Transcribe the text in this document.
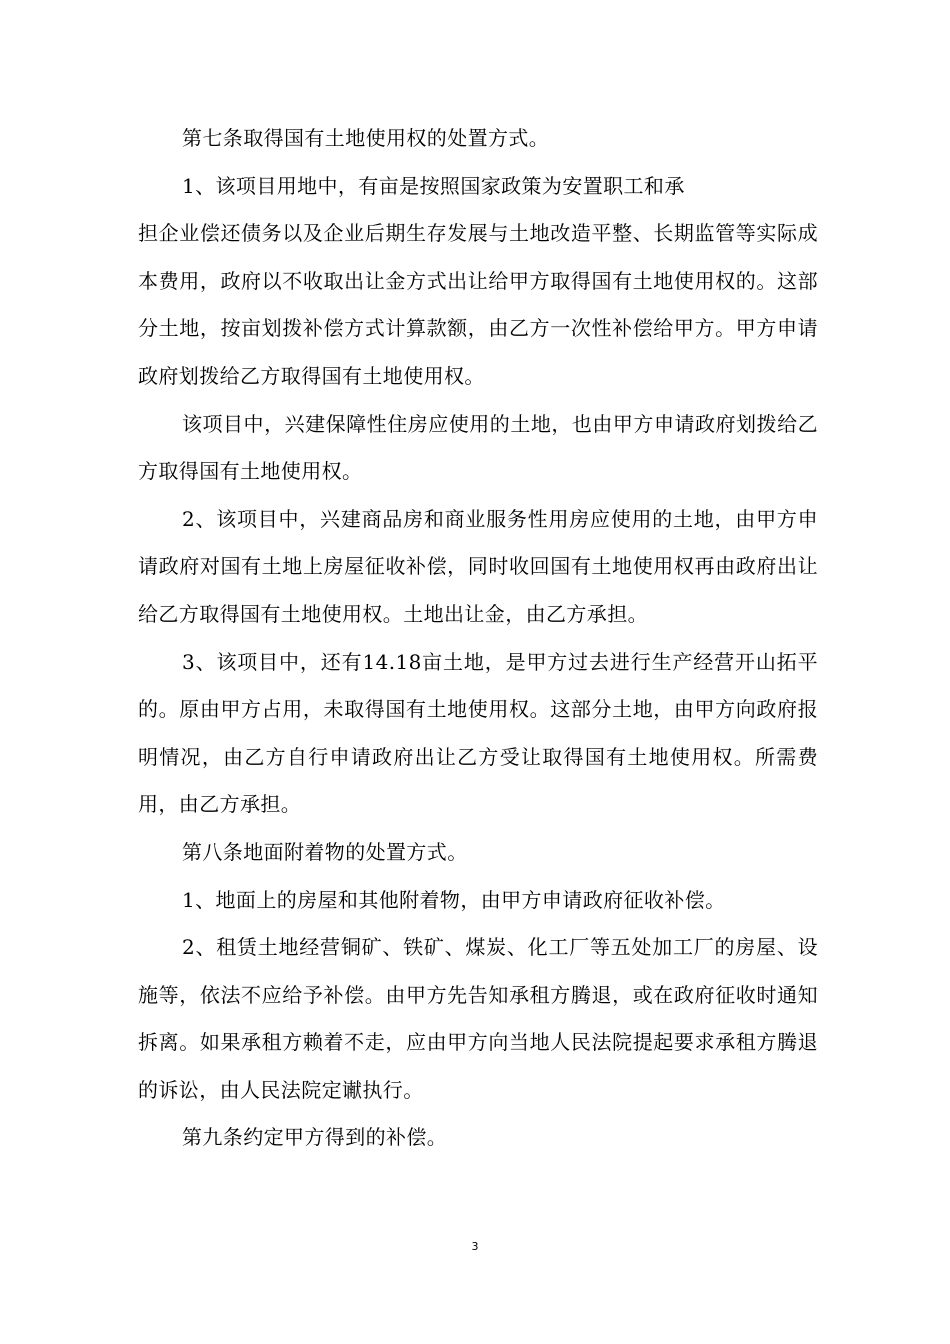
第七条取得国有土地使用权的处置方式。

1、该项目用地中，有亩是按照国家政策为安置职工和承

担企业偿还债务以及企业后期生存发展与土地改造平整、长期监管等实际成本费用，政府以不收取出让金方式出让给甲方取得国有土地使用权的。这部分土地，按亩划拨补偿方式计算款额，由乙方一次性补偿给甲方。甲方申请政府划拨给乙方取得国有土地使用权。

该项目中，兴建保障性住房应使用的土地，也由甲方申请政府划拨给乙方取得国有土地使用权。

2、该项目中，兴建商品房和商业服务性用房应使用的土地，由甲方申请政府对国有土地上房屋征收补偿，同时收回国有土地使用权再由政府出让给乙方取得国有土地使用权。土地出让金，由乙方承担。

3、该项目中，还有14.18亩土地，是甲方过去进行生产经营开山拓平的。原由甲方占用，未取得国有土地使用权。这部分土地，由甲方向政府报明情况，由乙方自行申请政府出让乙方受让取得国有土地使用权。所需费用，由乙方承担。

第八条地面附着物的处置方式。

1、地面上的房屋和其他附着物，由甲方申请政府征收补偿。

2、租赁土地经营铜矿、铁矿、煤炭、化工厂等五处加工厂的房屋、设施等，依法不应给予补偿。由甲方先告知承租方腾退，或在政府征收时通知拆离。如果承租方赖着不走，应由甲方向当地人民法院提起要求承租方腾退的诉讼，由人民法院定谳执行。

第九条约定甲方得到的补偿。

3
